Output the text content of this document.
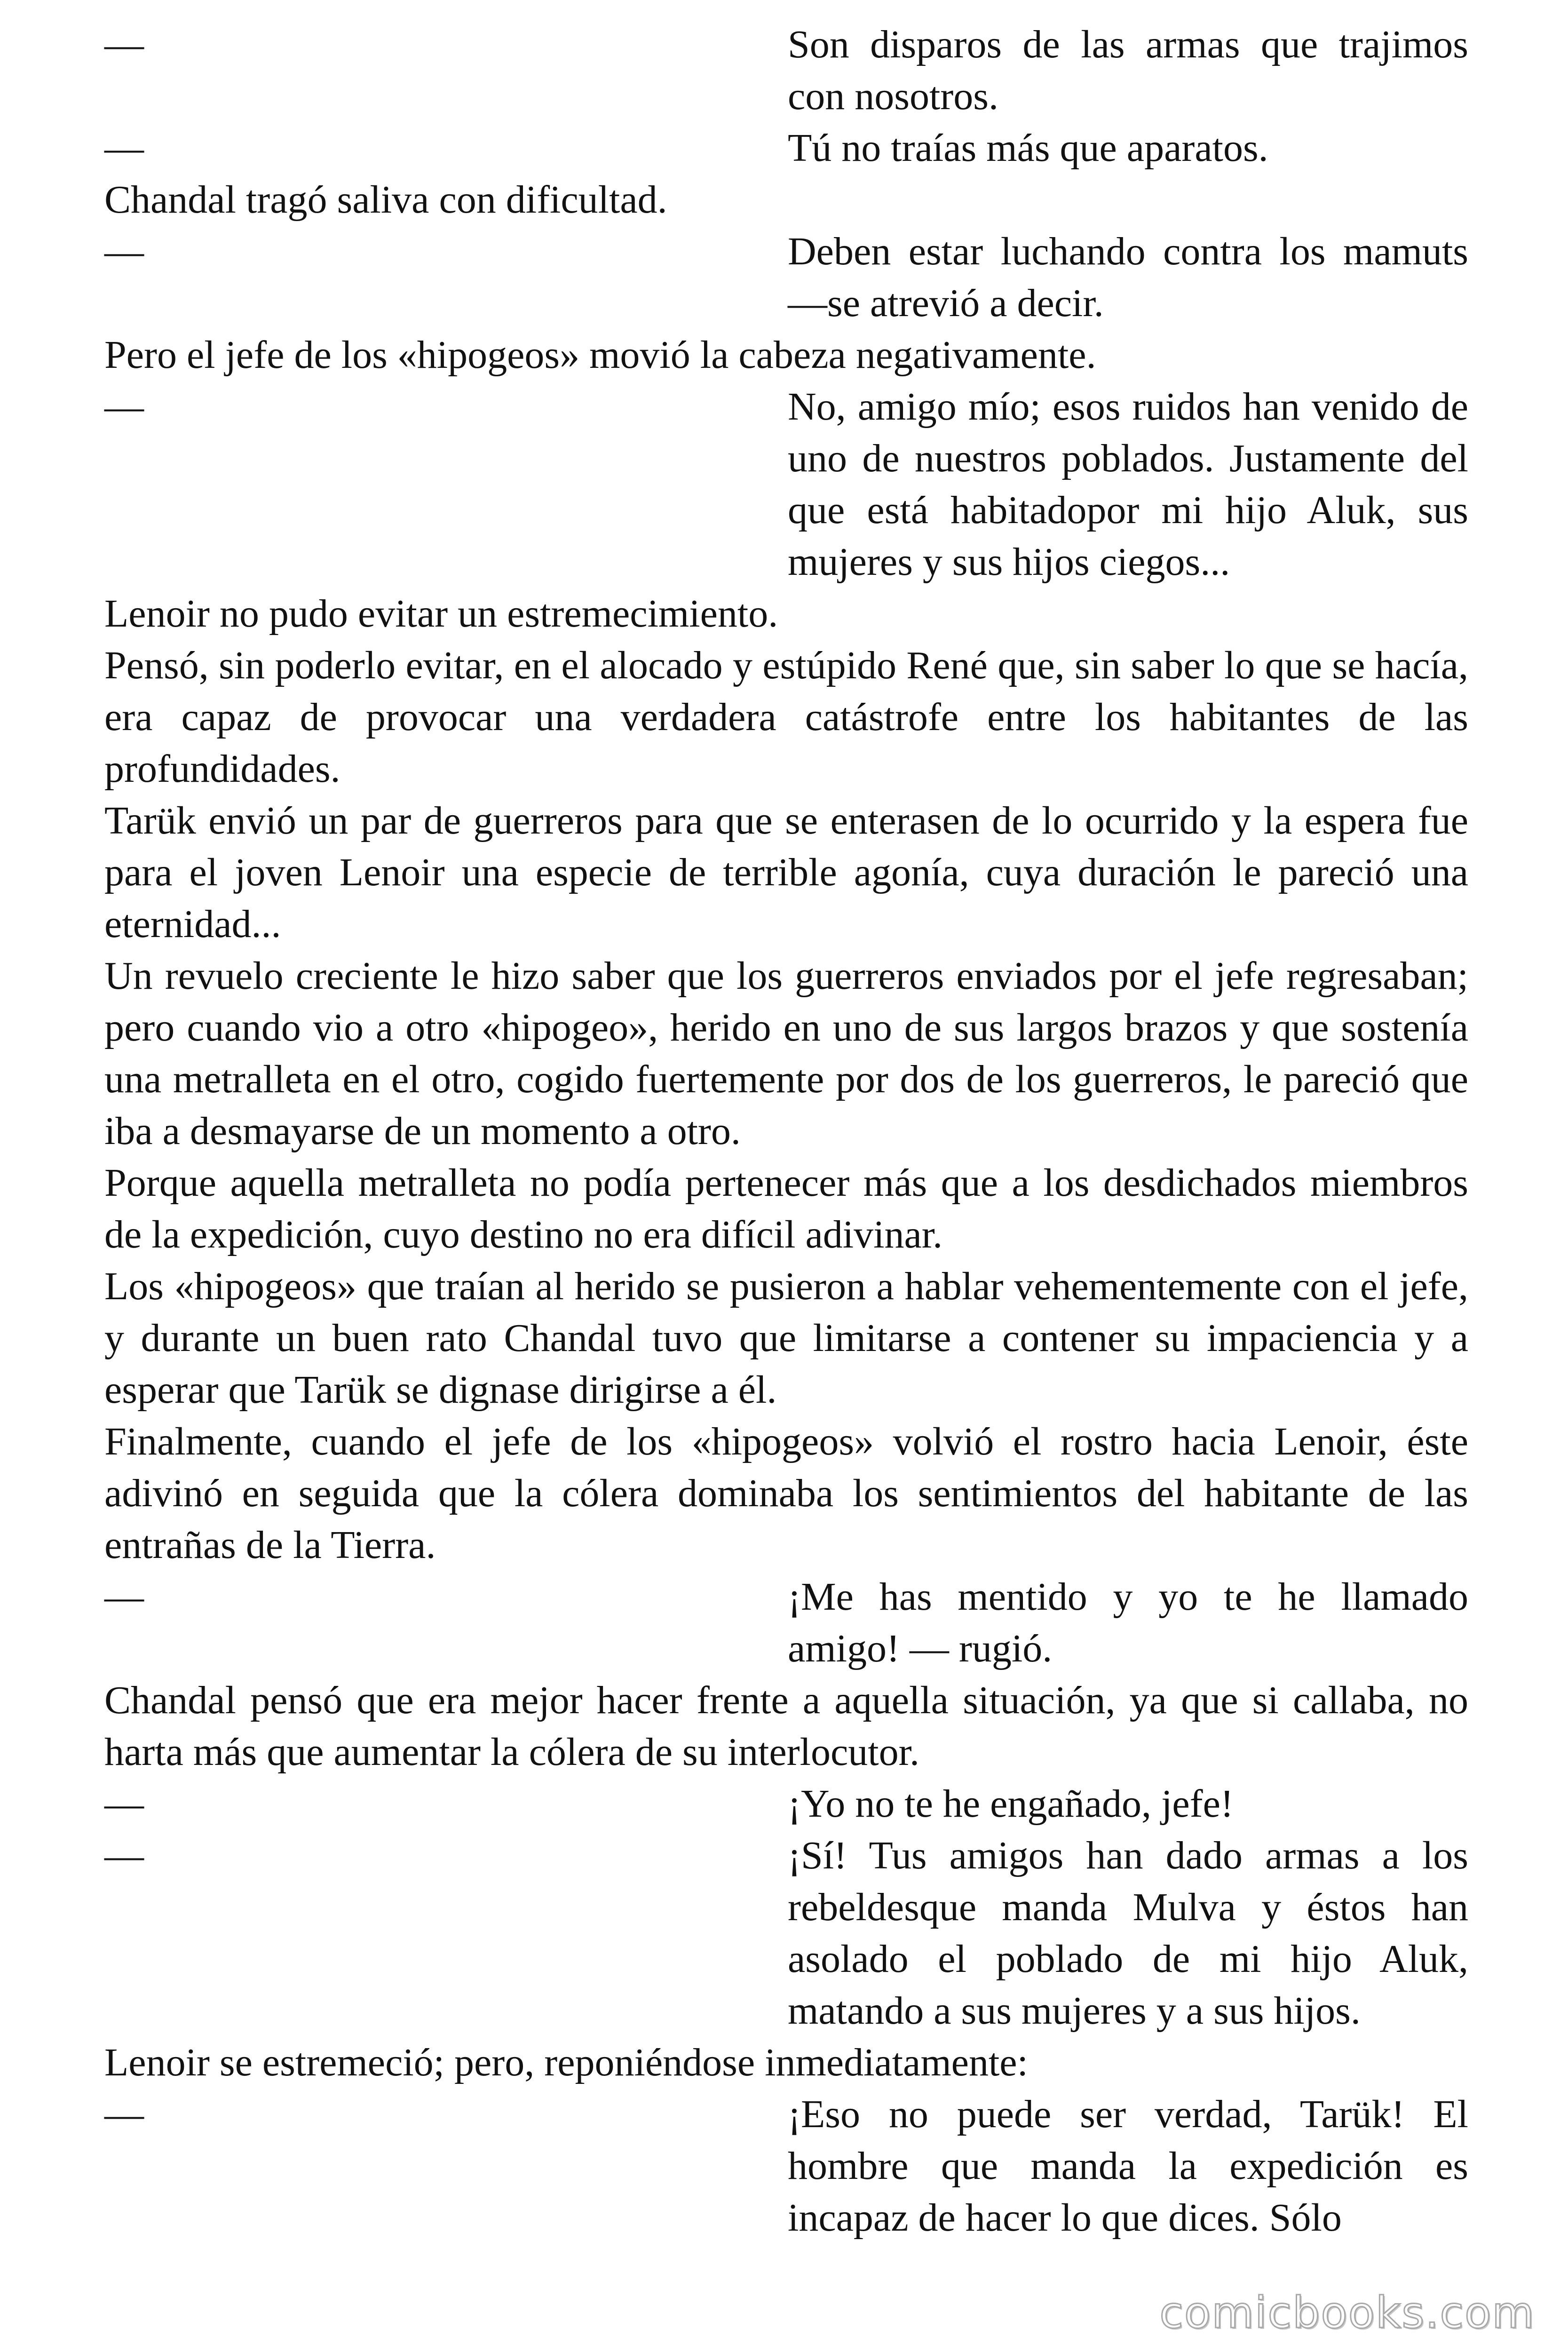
—	Son disparos de las armas que trajimos con nosotros.
—	Tú no traías más que aparatos.

Chandal tragó saliva con dificultad.

—	Deben estar luchando contra los mamuts —se atrevió a decir.

Pero el jefe de los «hipogeos» movió la cabeza negativamente.

—	No, amigo mío; esos ruidos han venido de uno de nuestros poblados. Justamente del que está habitadopor mi hijo Aluk, sus mujeres y sus hijos ciegos...

Lenoir no pudo evitar un estremecimiento.

Pensó, sin poderlo evitar, en el alocado y estúpido René que, sin saber lo que se hacía, era capaz de provocar una verdadera catástrofe entre los habitantes de las profundidades.

Tarük envió un par de guerreros para que se enterasen de lo ocurrido y la espera fue para el joven Lenoir una especie de terrible agonía, cuya duración le pareció una eternidad...

Un revuelo creciente le hizo saber que los guerreros enviados por el jefe regresaban; pero cuando vio a otro «hipogeo», herido en uno de sus largos brazos y que sostenía una metralleta en el otro, cogido fuertemente por dos de los guerreros, le pareció que iba a desmayarse de un momento a otro.

Porque aquella metralleta no podía pertenecer más que a los desdichados miembros de la expedición, cuyo destino no era difícil adivinar.

Los «hipogeos» que traían al herido se pusieron a hablar vehementemente con el jefe, y durante un buen rato Chandal tuvo que limitarse a contener su impaciencia y a esperar que Tarük se dignase dirigirse a él.

Finalmente, cuando el jefe de los «hipogeos» volvió el rostro hacia Lenoir, éste adivinó en seguida que la cólera dominaba los sentimientos del habitante de las entrañas de la Tierra.

—	¡Me has mentido y yo te he llamado amigo! — rugió.

Chandal pensó que era mejor hacer frente a aquella situación, ya que si callaba, no harta más que aumentar la cólera de su interlocutor.

—	¡Yo no te he engañado, jefe!
—	¡Sí! Tus amigos han dado armas a los rebeldesque manda Mulva y éstos han asolado el poblado de mi hijo Aluk, matando a sus mujeres y a sus hijos.

Lenoir se estremeció; pero, reponiéndose inmediatamente:

—	¡Eso no puede ser verdad, Tarük! El hombre que manda la expedición es incapaz de hacer lo que dices. Sólo
comicbooks.com
